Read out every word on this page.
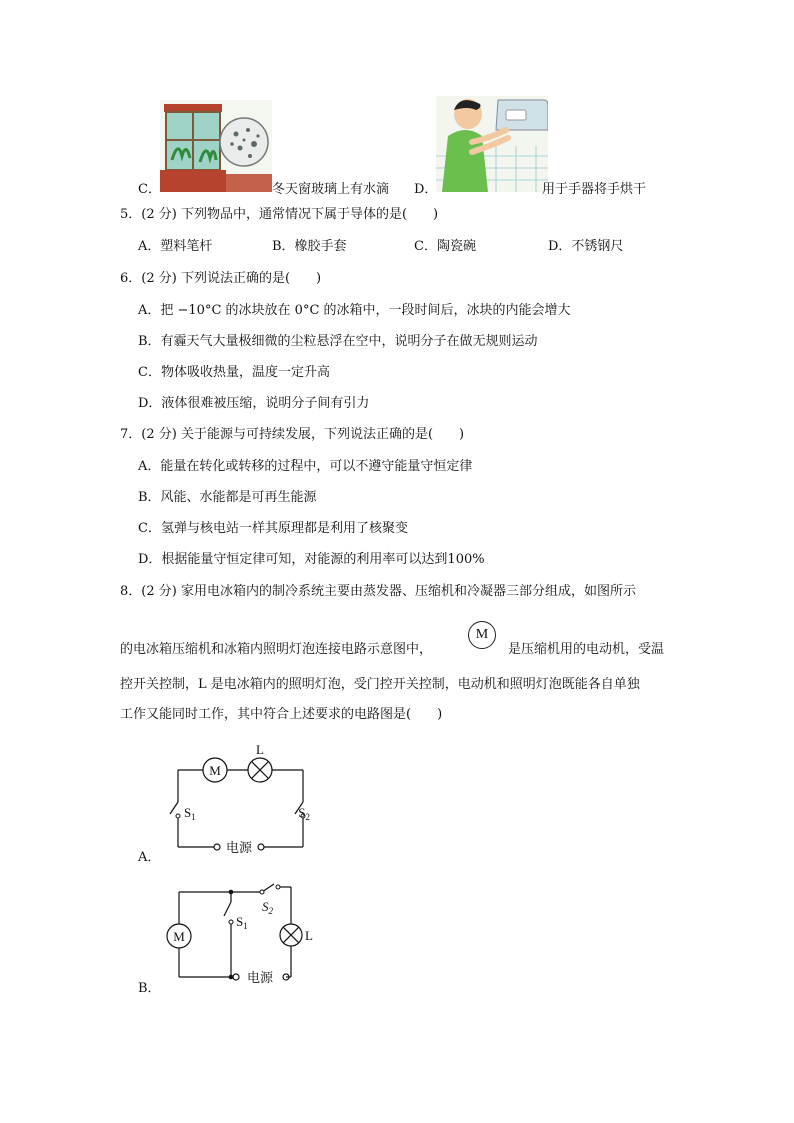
C．	冬天窗玻璃上有水滴 D．	用于手器将手烘干
5．(2 分) 下列物品中，通常情况下属于导体的是(　　)
A．塑料笔杆	B．橡胶手套	C．陶瓷碗	D．不锈钢尺
6．(2 分) 下列说法正确的是(　　)
A．把 −10°C 的冰块放在 0°C 的冰箱中，一段时间后，冰块的内能会增大
B．有霾天气大量极细微的尘粒悬浮在空中，说明分子在做无规则运动
C．物体吸收热量，温度一定升高
D．液体很难被压缩，说明分子间有引力
7．(2 分) 关于能源与可持续发展，下列说法正确的是(　　)
A．能量在转化或转移的过程中，可以不遵守能量守恒定律
B．风能、水能都是可再生能源
C．氢弹与核电站一样其原理都是利用了核聚变
D．根据能量守恒定律可知，对能源的利用率可以达到100%
8．(2 分) 家用电冰箱内的制冷系统主要由蒸发器、压缩机和冷凝器三部分组成，如图所示
的电冰箱压缩机和冰箱内照明灯泡连接电路示意图中，
M
是压缩机用的电动机，受温
控开关控制，L 是电冰箱内的照明灯泡，受门控开关控制，电动机和照明灯泡既能各自单独
工作又能同时工作，其中符合上述要求的电路图是(　　)
M
L
$S_1$	$S_2$
电源
A．
M	L
$S_1$
$S_2$
电源
B．
